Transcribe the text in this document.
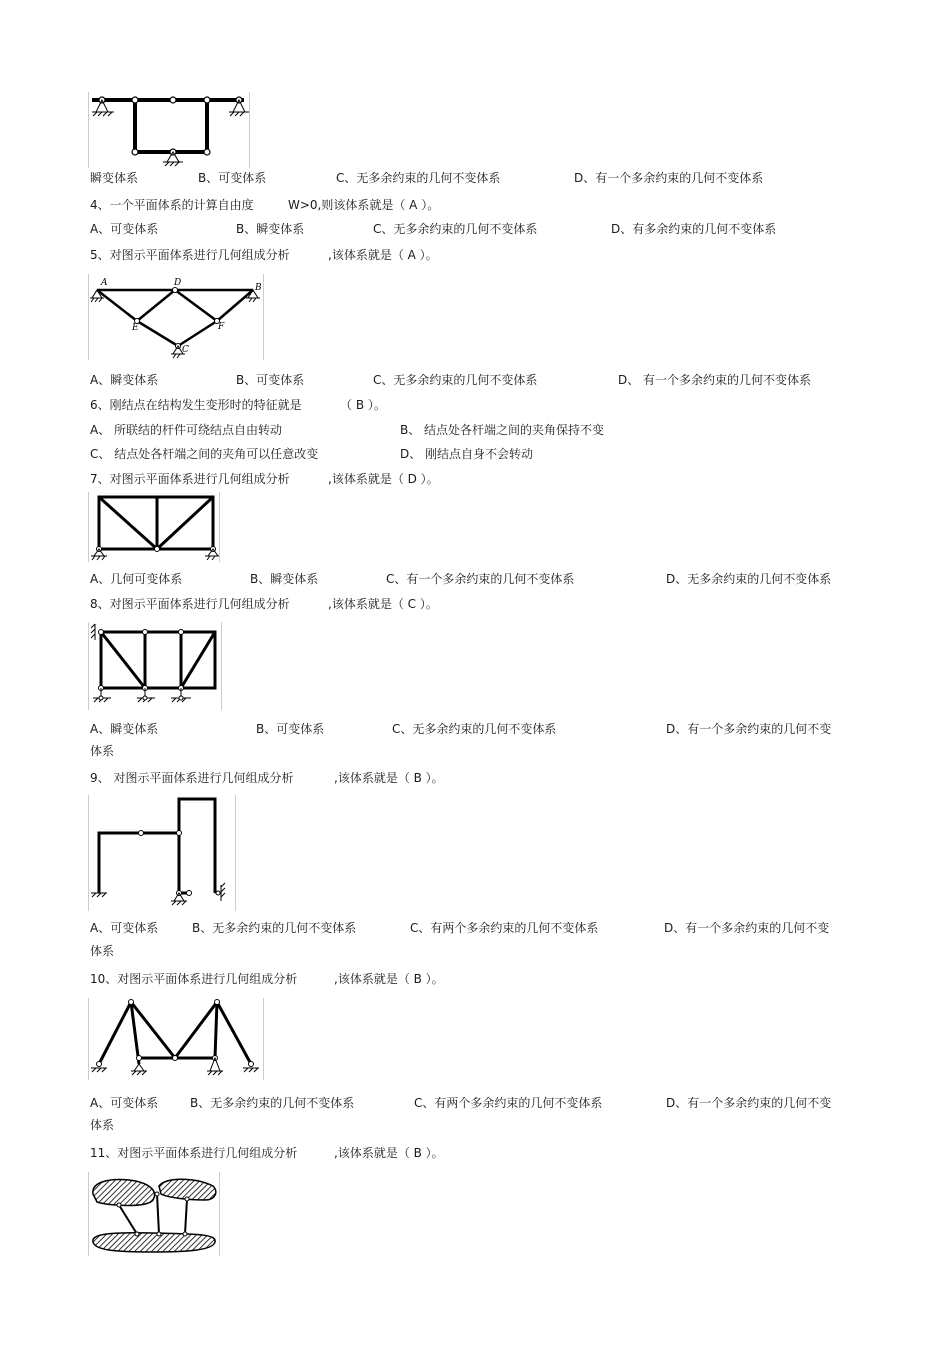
瞬变体系	B、可变体系	C、无多余约束的几何不变体系	D、有一个多余约束的几何不变体系
4、一个平面体系的计算自由度	W>0,则该体系就是（ A ）。
A、可变体系	B、瞬变体系	C、无多余约束的几何不变体系	D、有多余约束的几何不变体系
5、对图示平面体系进行几何组成分析	,该体系就是（ A ）。
A	D	B
E	F
C
A、瞬变体系	B、可变体系	C、无多余约束的几何不变体系	D、 有一个多余约束的几何不变体系
6、刚结点在结构发生变形时的特征就是	（ B ）。
A、 所联结的杆件可绕结点自由转动	B、 结点处各杆端之间的夹角保持不变
C、 结点处各杆端之间的夹角可以任意改变	D、 刚结点自身不会转动
7、对图示平面体系进行几何组成分析	,该体系就是（ D ）。
A、几何可变体系	B、瞬变体系	C、有一个多余约束的几何不变体系	D、无多余约束的几何不变体系
8、对图示平面体系进行几何组成分析	,该体系就是（ C ）。
A、瞬变体系	B、可变体系	C、无多余约束的几何不变体系	D、有一个多余约束的几何不变
体系
9、 对图示平面体系进行几何组成分析	,该体系就是（ B ）。
A、可变体系	B、无多余约束的几何不变体系	C、有两个多余约束的几何不变体系	D、有一个多余约束的几何不变
体系
10、对图示平面体系进行几何组成分析	,该体系就是（ B ）。
A、可变体系	B、无多余约束的几何不变体系	C、有两个多余约束的几何不变体系	D、有一个多余约束的几何不变
体系
11、对图示平面体系进行几何组成分析	,该体系就是（ B ）。
